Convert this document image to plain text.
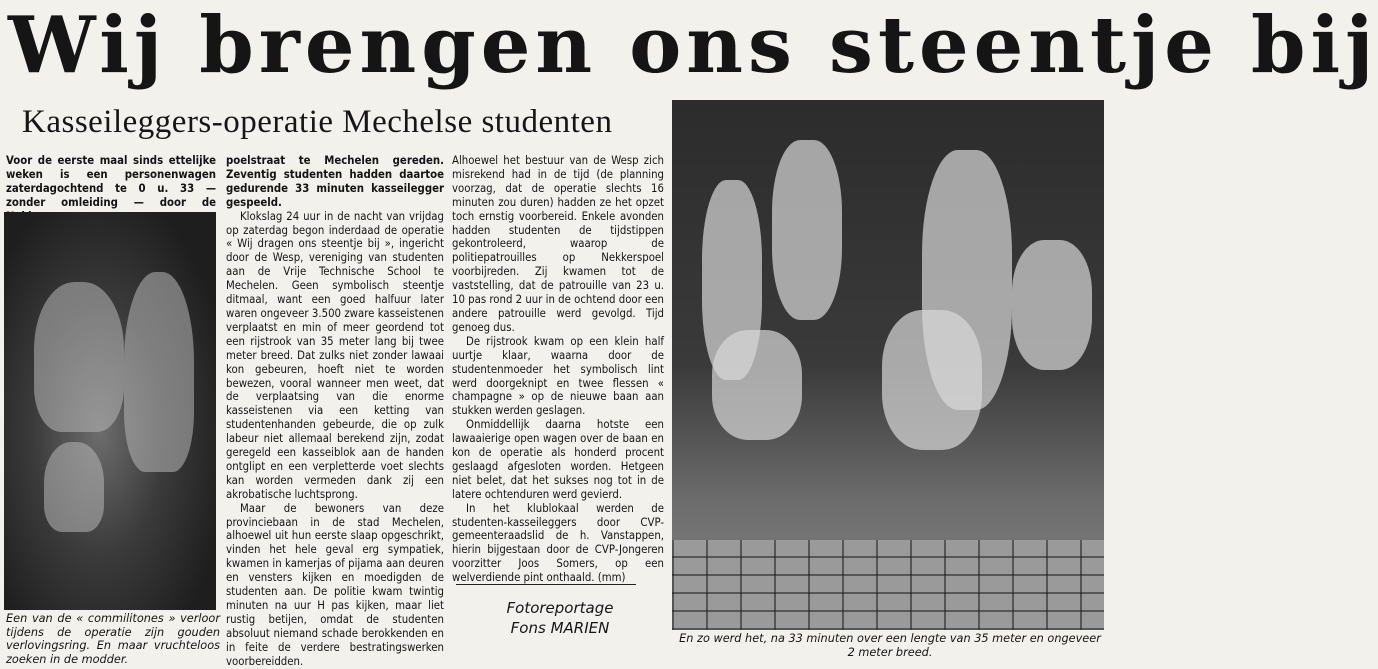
Wij brengen ons steentje bij
Kasseileggers-operatie Mechelse studenten

Voor de eerste maal sinds ettelijke weken is een personenwagen zaterdagochtend te 0 u. 33 — zonder omleiding — door de

Een van de « commilitones » verloor tijdens de operatie zijn gouden verlovingsring. En maar vruchteloos zoeken in de modder.

poelstraat te Mechelen gereden. Zeventig studenten hadden daartoe gedurende 33 minuten kasseilegger gespeeld.

Klokslag 24 uur in de nacht van vrijdag op zaterdag begon inderdaad de operatie « Wij dragen ons steentje bij », ingericht door de Wesp, vereniging van studenten aan de Vrije Technische School te Mechelen. Geen symbolisch steentje ditmaal, want een goed halfuur later waren ongeveer 3.500 zware kasseistenen verplaatst en min of meer geordend tot een rijstrook van 35 meter lang bij twee meter breed. Dat zulks niet zonder lawaai kon gebeuren, hoeft niet te worden bewezen, vooral wanneer men weet, dat de verplaatsing van die enorme kasseistenen via een ketting van studentenhanden gebeurde, die op zulk labeur niet allemaal berekend zijn, zodat geregeld een kasseiblok aan de handen ontglipt en een verpletterde voet slechts kan worden vermeden dank zij een akrobatische luchtsprong.

Maar de bewoners van deze provinciebaan in de stad Mechelen, alhoewel uit hun eerste slaap opgeschrikt, vinden het hele geval erg sympatiek, kwamen in kamerjas of pijama aan deuren en vensters kijken en moedigden de studenten aan. De politie kwam twintig minuten na uur H pas kijken, maar liet rustig betijen, omdat de studenten absoluut niemand schade berokkenden en in feite de verdere bestratingswerken voorbereidden.

Alhoewel het bestuur van de Wesp zich misrekend had in de tijd (de planning voorzag, dat de operatie slechts 16 minuten zou duren) hadden ze het opzet toch ernstig voorbereid. Enkele avonden hadden studenten de tijdstippen gekontroleerd, waarop de politiepatrouilles op Nekkerspoel voorbijreden. Zij kwamen tot de vaststelling, dat de patrouille van 23 u. 10 pas rond 2 uur in de ochtend door een andere patrouille werd gevolgd. Tijd genoeg dus.

De rijstrook kwam op een klein half uurtje klaar, waarna door de studentenmoeder het symbolisch lint werd doorgeknipt en twee flessen « champagne » op de nieuwe baan aan stukken werden geslagen.

Onmiddellijk daarna hotste een lawaaierige open wagen over de baan en kon de operatie als honderd procent geslaagd afgesloten worden. Hetgeen niet belet, dat het sukses nog tot in de latere ochtenduren werd gevierd.

In het klublokaal werden de studenten-kasseileggers door CVP-gemeenteraadslid de h. Vanstappen, hierin bijgestaan door de CVP-Jongeren voorzitter Joos Somers, op een welverdiende pint onthaald. (mm)

Fotoreportage
Fons MARIEN
En zo werd het, na 33 minuten over een lengte van 35 meter en ongeveer 2 meter breed.
